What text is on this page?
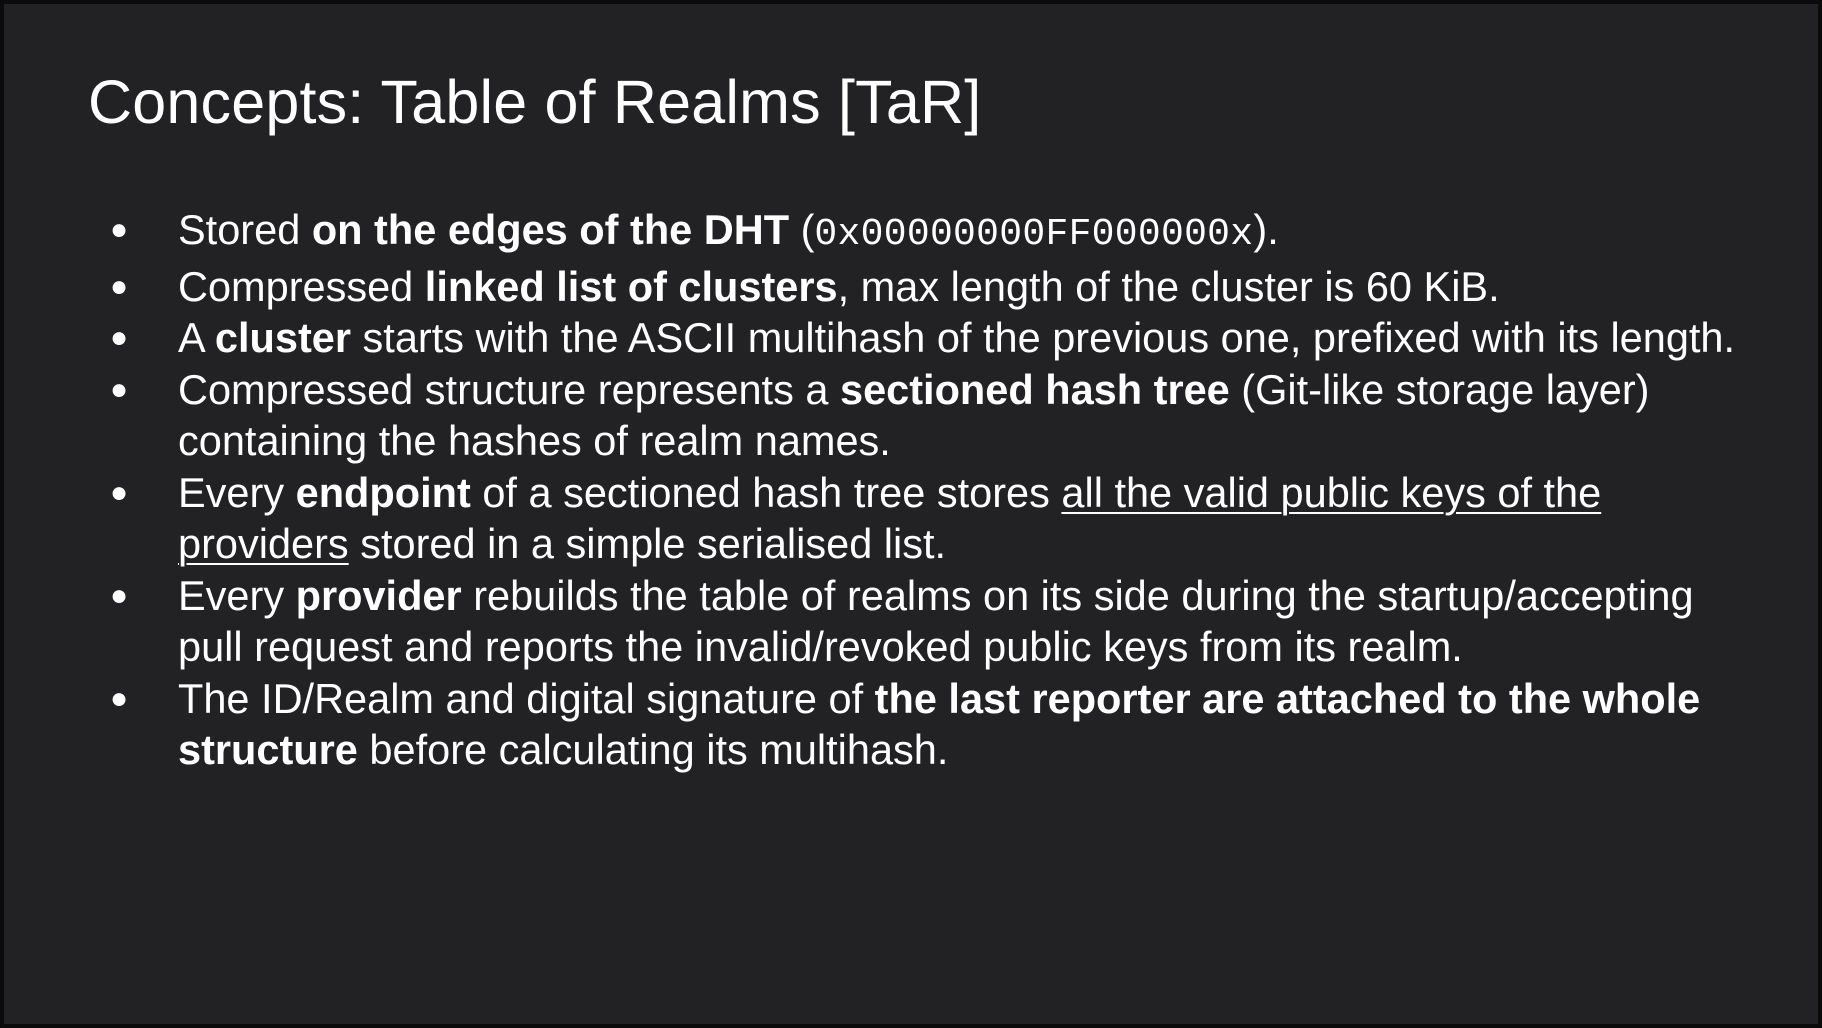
Concepts: Table of Realms [TaR]
● Stored on the edges of the DHT (0x00000000FF000000x).
● Compressed linked list of clusters, max length of the cluster is 60 KiB.
● A cluster starts with the ASCII multihash of the previous one, prefixed with its length.
● Compressed structure represents a sectioned hash tree (Git-like storage layer) containing the hashes of realm names.
● Every endpoint of a sectioned hash tree stores all the valid public keys of the providers stored in a simple serialised list.
● Every provider rebuilds the table of realms on its side during the startup/accepting pull request and reports the invalid/revoked public keys from its realm.
● The ID/Realm and digital signature of the last reporter are attached to the whole structure before calculating its multihash.
